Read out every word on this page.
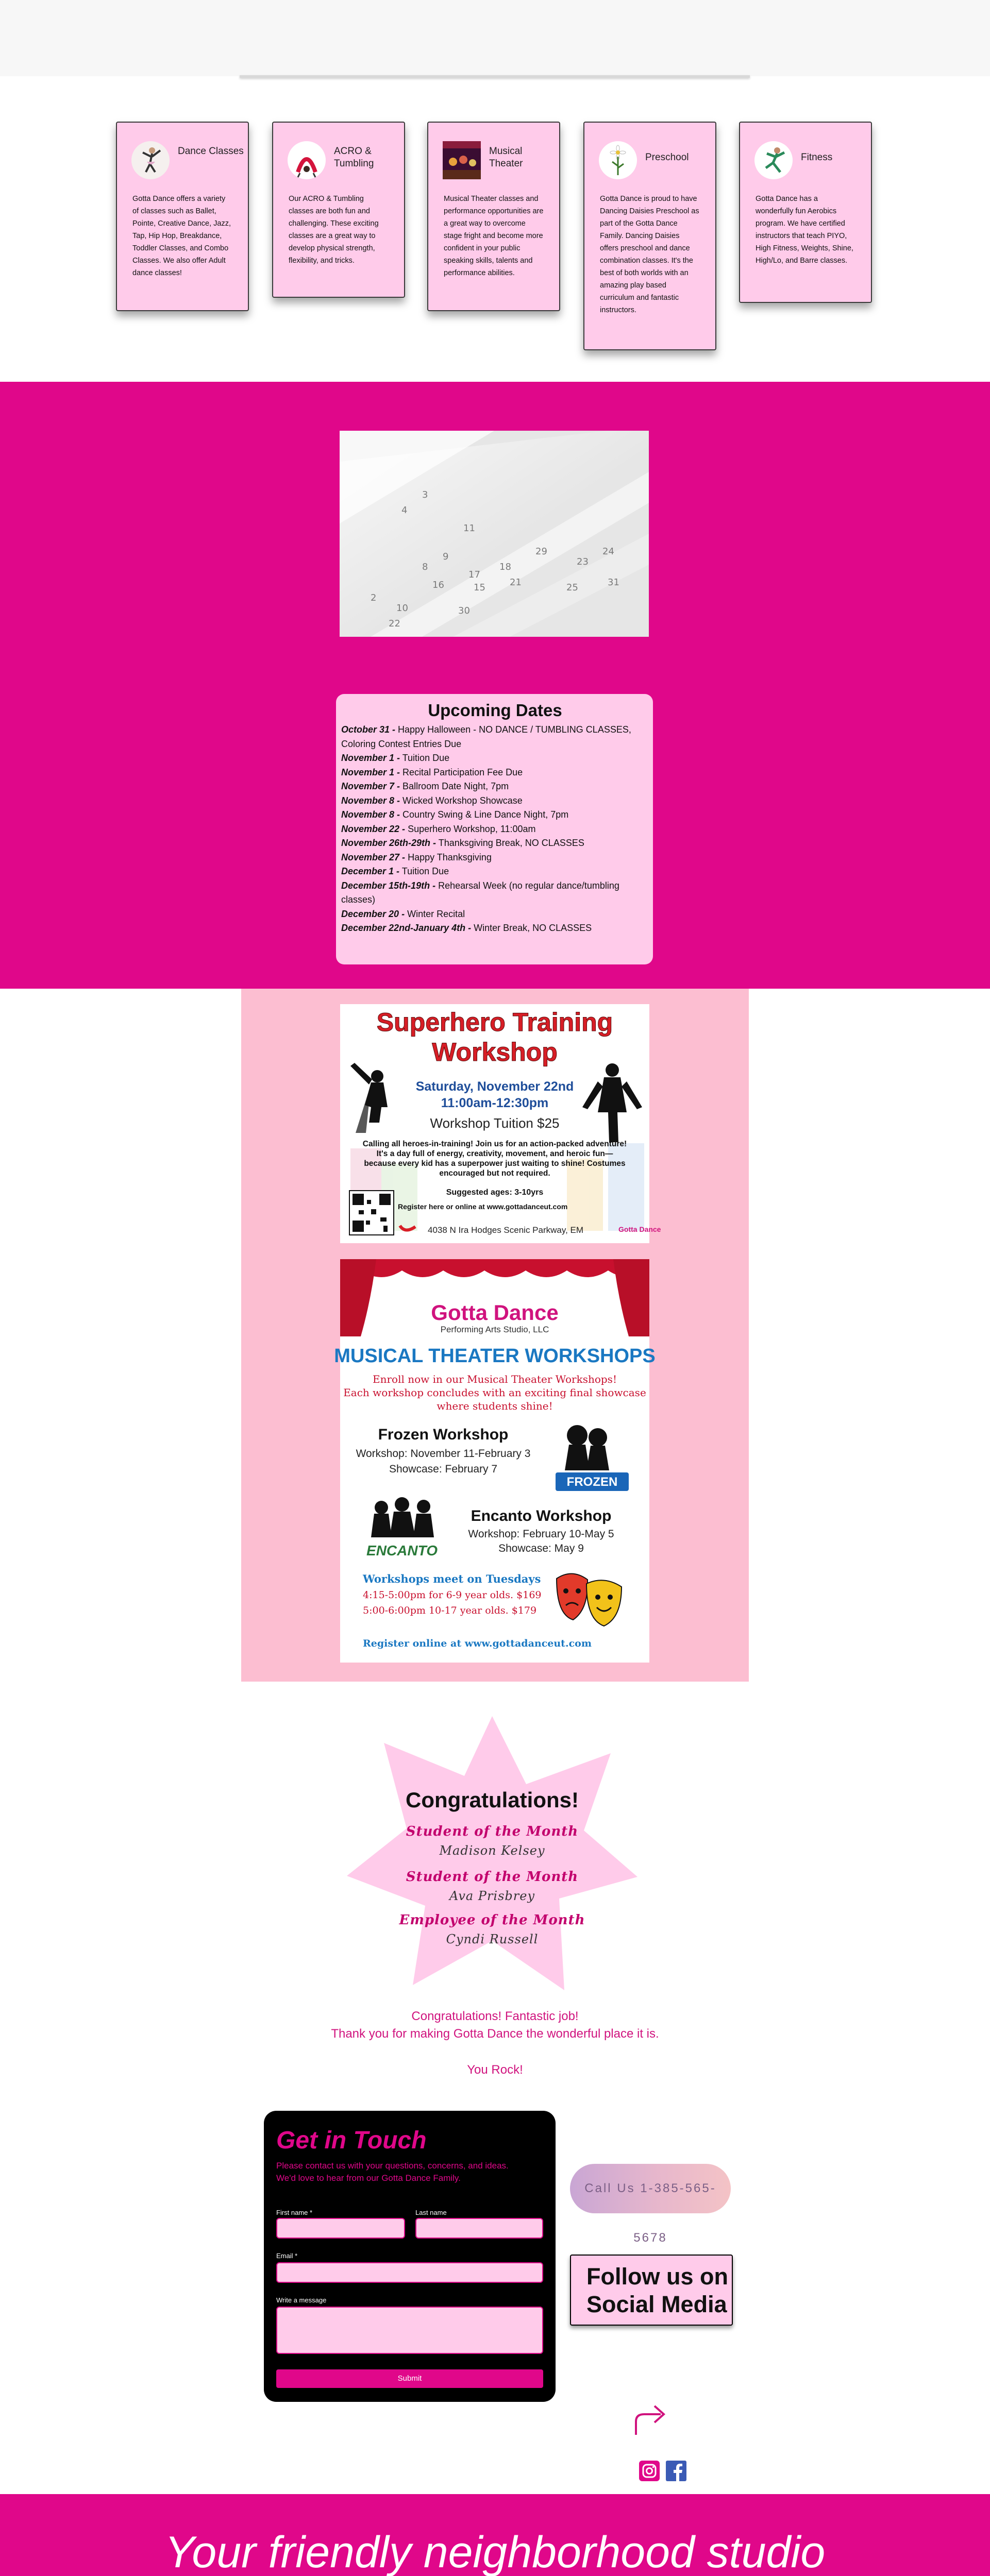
Dance Classes
Gotta Dance offers a variety of classes such as Ballet, Pointe, Creative Dance, Jazz, Tap, Hip Hop, Breakdance, Toddler Classes, and Combo Classes. We also offer Adult dance classes!
ACRO & Tumbling
Our ACRO & Tumbling classes are both fun and challenging. These exciting classes are a great way to develop physical strength, flexibility, and tricks.
Musical Theater
Musical Theater classes and performance opportunities are a great way to overcome stage fright and become more confident in your public speaking skills, talents and performance abilities.
Preschool
Gotta Dance is proud to have Dancing Daisies Preschool as part of the Gotta Dance Family. Dancing Daisies offers preschool and dance combination classes. It's the best of both worlds with an amazing play based curriculum and fantastic instructors.
Fitness
Gotta Dance has a wonderfully fun Aerobics program. We have certified instructors that teach PIYO, High Fitness, Weights, Shine, High/Lo, and Barre classes.
2
8
9
10
15
16
17
18
21
22
23
24
25
29
30
31
3
4
11
Upcoming Dates
October 31 - Happy Halloween - NO DANCE / TUMBLING CLASSES, Coloring Contest Entries Due
November 1 - Tuition Due
November 1 - Recital Participation Fee Due
November 7 - Ballroom Date Night, 7pm
November 8 - Wicked Workshop Showcase
November 8 - Country Swing & Line Dance Night, 7pm
November 22 - Superhero Workshop, 11:00am
November 26th-29th - Thanksgiving Break, NO CLASSES
November 27 - Happy Thanksgiving
December 1 - Tuition Due
December 15th-19th - Rehearsal Week (no regular dance/tumbling classes)
December 20 - Winter Recital
December 22nd-January 4th - Winter Break, NO CLASSES
Superhero Training
Workshop
Saturday, November 22nd
11:00am-12:30pm
Workshop Tuition $25
Calling all heroes-in-training! Join us for an action-packed adventure! It's a day full of energy, creativity, movement, and heroic fun—because every kid has a superpower just waiting to shine! Costumes encouraged but not required.
Suggested ages: 3-10yrs
Register here or online at www.gottadanceut.com
4038 N Ira Hodges Scenic Parkway, EM	Gotta Dance
Gotta Dance
Performing Arts Studio, LLC
MUSICAL THEATER WORKSHOPS
Enroll now in our Musical Theater Workshops!
Each workshop concludes with an exciting final showcase
where students shine!
Frozen Workshop
Workshop: November 11-February 3
Showcase: February 7
FROZEN
ENCANTO
Encanto Workshop
Workshop: February 10-May 5
Showcase: May 9
Workshops meet on Tuesdays
4:15-5:00pm for 6-9 year olds. $169
5:00-6:00pm 10-17 year olds. $179
Register online at www.gottadanceut.com
Congratulations!
Student of the Month
Madison Kelsey
Student of the Month
Ava Prisbrey
Employee of the Month
Cyndi Russell
Congratulations! Fantastic job!
Thank you for making Gotta Dance the wonderful place it is.
You Rock!
Get in Touch
Please contact us with your questions, concerns, and ideas.
We'd love to hear from our Gotta Dance Family.
First name *	Last name
Email *
Write a message
Submit
Call Us 1-385-565-5678
Follow us on
Social Media
Your friendly neighborhood studio
